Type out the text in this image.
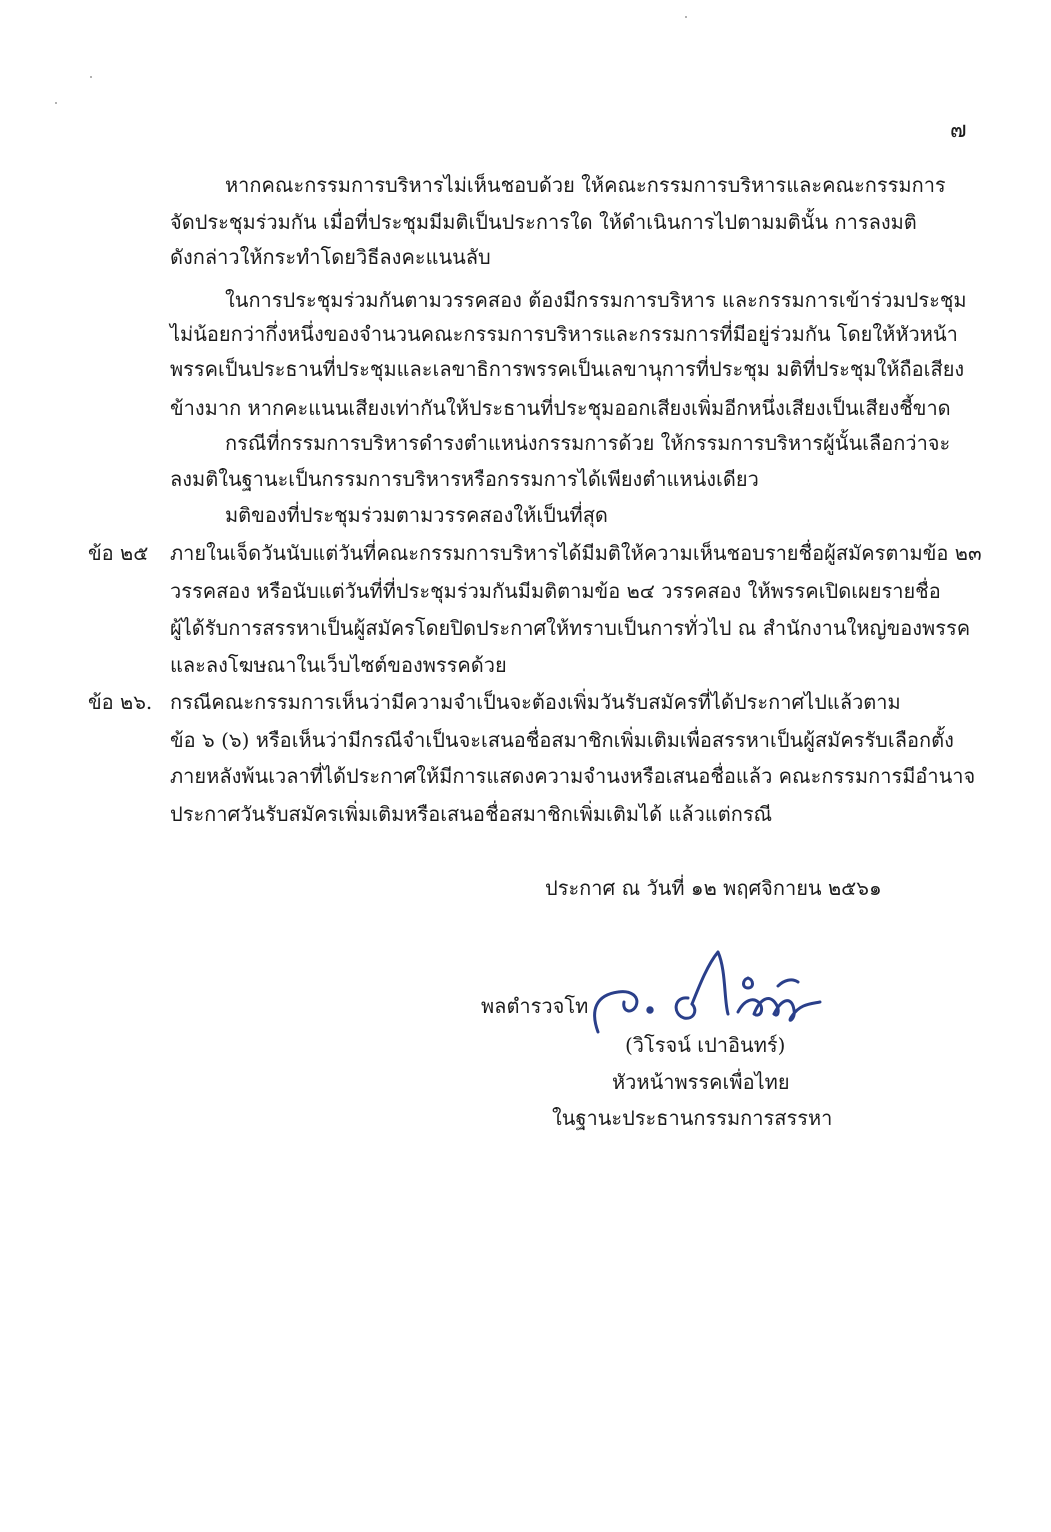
๗
หากคณะกรรมการบริหารไม่เห็นชอบด้วย ให้คณะกรรมการบริหารและคณะกรรมการ
จัดประชุมร่วมกัน เมื่อที่ประชุมมีมติเป็นประการใด ให้ดำเนินการไปตามมตินั้น การลงมติ
ดังกล่าวให้กระทำโดยวิธีลงคะแนนลับ
ในการประชุมร่วมกันตามวรรคสอง ต้องมีกรรมการบริหาร และกรรมการเข้าร่วมประชุม
ไม่น้อยกว่ากึ่งหนึ่งของจำนวนคณะกรรมการบริหารและกรรมการที่มีอยู่ร่วมกัน โดยให้หัวหน้า
พรรคเป็นประธานที่ประชุมและเลขาธิการพรรคเป็นเลขานุการที่ประชุม มติที่ประชุมให้ถือเสียง
ข้างมาก หากคะแนนเสียงเท่ากันให้ประธานที่ประชุมออกเสียงเพิ่มอีกหนึ่งเสียงเป็นเสียงชี้ขาด
กรณีที่กรรมการบริหารดำรงตำแหน่งกรรมการด้วย ให้กรรมการบริหารผู้นั้นเลือกว่าจะ
ลงมติในฐานะเป็นกรรมการบริหารหรือกรรมการได้เพียงตำแหน่งเดียว
มติของที่ประชุมร่วมตามวรรคสองให้เป็นที่สุด
ข้อ ๒๕ ภายในเจ็ดวันนับแต่วันที่คณะกรรมการบริหารได้มีมติให้ความเห็นชอบรายชื่อผู้สมัครตามข้อ ๒๓
วรรคสอง หรือนับแต่วันที่ที่ประชุมร่วมกันมีมติตามข้อ ๒๔ วรรคสอง ให้พรรคเปิดเผยรายชื่อ
ผู้ได้รับการสรรหาเป็นผู้สมัครโดยปิดประกาศให้ทราบเป็นการทั่วไป ณ สำนักงานใหญ่ของพรรค
และลงโฆษณาในเว็บไซต์ของพรรคด้วย
ข้อ ๒๖. กรณีคณะกรรมการเห็นว่ามีความจำเป็นจะต้องเพิ่มวันรับสมัครที่ได้ประกาศไปแล้วตาม
ข้อ ๖ (๖) หรือเห็นว่ามีกรณีจำเป็นจะเสนอชื่อสมาชิกเพิ่มเติมเพื่อสรรหาเป็นผู้สมัครรับเลือกตั้ง
ภายหลังพ้นเวลาที่ได้ประกาศให้มีการแสดงความจำนงหรือเสนอชื่อแล้ว คณะกรรมการมีอำนาจ
ประกาศวันรับสมัครเพิ่มเติมหรือเสนอชื่อสมาชิกเพิ่มเติมได้ แล้วแต่กรณี
ประกาศ ณ วันที่ ๑๒ พฤศจิกายน ๒๕๖๑
พลตำรวจโท
(วิโรจน์ เปาอินทร์)
หัวหน้าพรรคเพื่อไทย
ในฐานะประธานกรรมการสรรหา
